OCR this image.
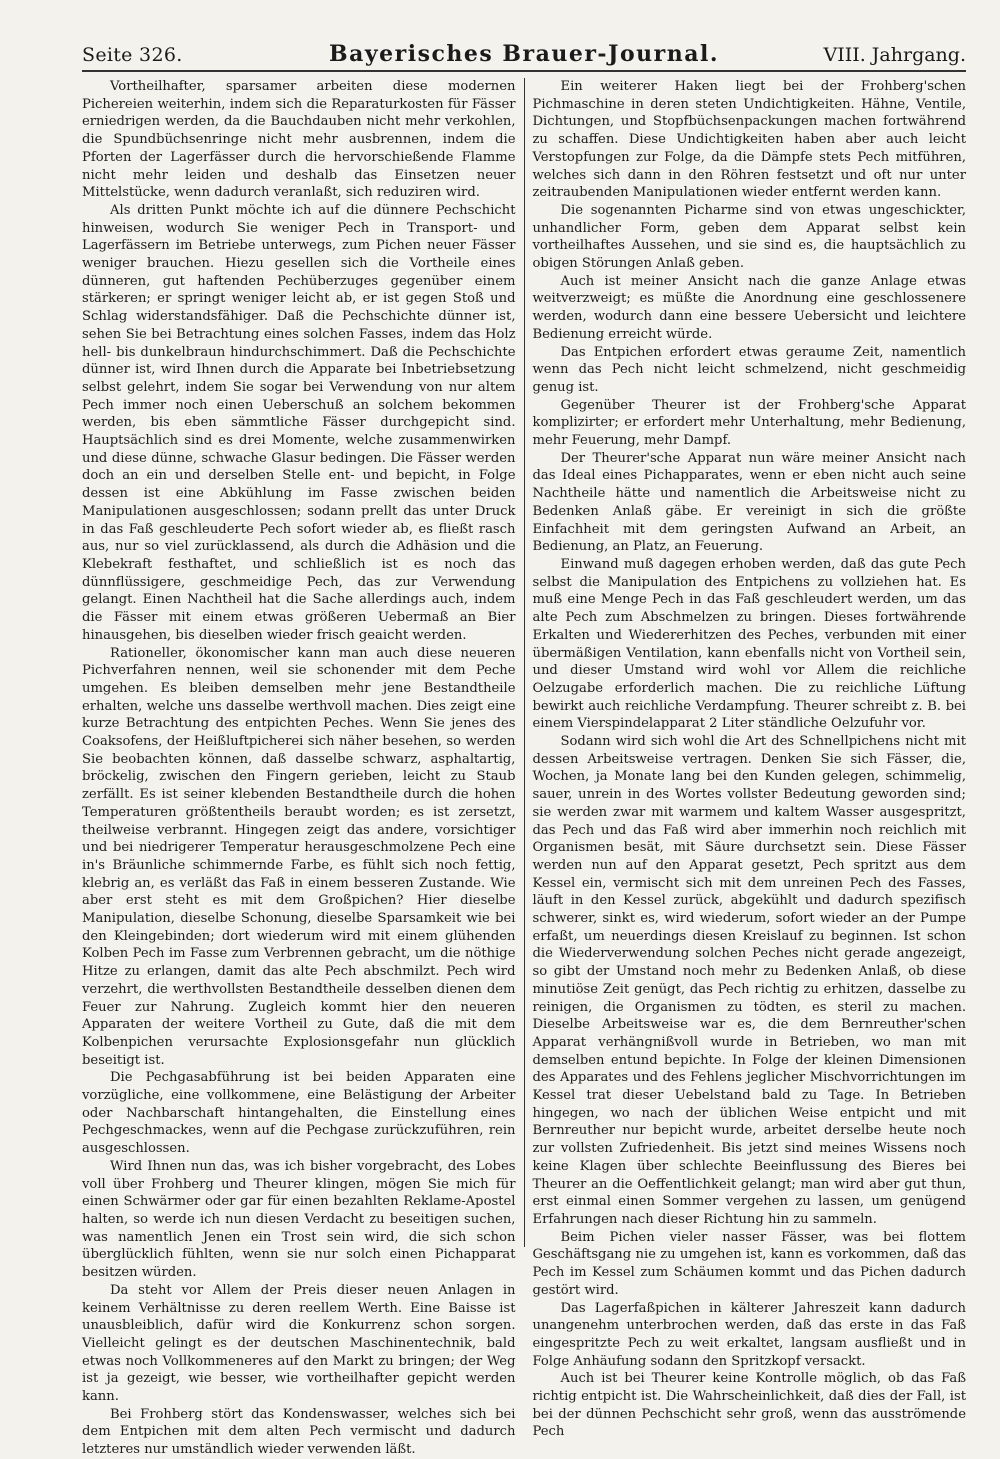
Seite 326.	Bayerisches Brauer-Journal.	VIII. Jahrgang.

Vortheilhafter, sparsamer arbeiten diese modernen Pichereien weiterhin, indem sich die Reparaturkosten für Fässer erniedrigen werden, da die Bauchdauben nicht mehr verkohlen, die Spundbüchsenringe nicht mehr ausbrennen, indem die Pforten der Lagerfässer durch die hervorschießende Flamme nicht mehr leiden und deshalb das Einsetzen neuer Mittelstücke, wenn dadurch veranlaßt, sich reduziren wird.

Als dritten Punkt möchte ich auf die dünnere Pechschicht hinweisen, wodurch Sie weniger Pech in Transport- und Lagerfässern im Betriebe unterwegs, zum Pichen neuer Fässer weniger brauchen. Hiezu gesellen sich die Vortheile eines dünneren, gut haftenden Pechüberzuges gegenüber einem stärkeren; er springt weniger leicht ab, er ist gegen Stoß und Schlag widerstandsfähiger. Daß die Pechschichte dünner ist, sehen Sie bei Betrachtung eines solchen Fasses, indem das Holz hell- bis dunkelbraun hindurchschimmert. Daß die Pechschichte dünner ist, wird Ihnen durch die Apparate bei Inbetriebsetzung selbst gelehrt, indem Sie sogar bei Verwendung von nur altem Pech immer noch einen Ueberschuß an solchem bekommen werden, bis eben sämmtliche Fässer durchgepicht sind. Hauptsächlich sind es drei Momente, welche zusammenwirken und diese dünne, schwache Glasur bedingen. Die Fässer werden doch an ein und derselben Stelle ent- und bepicht, in Folge dessen ist eine Abkühlung im Fasse zwischen beiden Manipulationen ausgeschlossen; sodann prellt das unter Druck in das Faß geschleuderte Pech sofort wieder ab, es fließt rasch aus, nur so viel zurücklassend, als durch die Adhäsion und die Klebekraft festhaftet, und schließlich ist es noch das dünnflüssigere, geschmeidige Pech, das zur Verwendung gelangt. Einen Nachtheil hat die Sache allerdings auch, indem die Fässer mit einem etwas größeren Uebermaß an Bier hinausgehen, bis dieselben wieder frisch geaicht werden.

Rationeller, ökonomischer kann man auch diese neueren Pichverfahren nennen, weil sie schonender mit dem Peche umgehen. Es bleiben demselben mehr jene Bestandtheile erhalten, welche uns dasselbe werthvoll machen. Dies zeigt eine kurze Betrachtung des entpichten Peches. Wenn Sie jenes des Coaksofens, der Heißluftpicherei sich näher besehen, so werden Sie beobachten können, daß dasselbe schwarz, asphaltartig, bröckelig, zwischen den Fingern gerieben, leicht zu Staub zerfällt. Es ist seiner klebenden Bestandtheile durch die hohen Temperaturen größtentheils beraubt worden; es ist zersetzt, theilweise verbrannt. Hingegen zeigt das andere, vorsichtiger und bei niedrigerer Temperatur herausgeschmolzene Pech eine in's Bräunliche schimmernde Farbe, es fühlt sich noch fettig, klebrig an, es verläßt das Faß in einem besseren Zustande. Wie aber erst steht es mit dem Großpichen? Hier dieselbe Manipulation, dieselbe Schonung, dieselbe Sparsamkeit wie bei den Kleingebinden; dort wiederum wird mit einem glühenden Kolben Pech im Fasse zum Verbrennen gebracht, um die nöthige Hitze zu erlangen, damit das alte Pech abschmilzt. Pech wird verzehrt, die werthvollsten Bestandtheile desselben dienen dem Feuer zur Nahrung. Zugleich kommt hier den neueren Apparaten der weitere Vortheil zu Gute, daß die mit dem Kolbenpichen verursachte Explosionsgefahr nun glücklich beseitigt ist.

Die Pechgasabführung ist bei beiden Apparaten eine vorzügliche, eine vollkommene, eine Belästigung der Arbeiter oder Nachbarschaft hintangehalten, die Einstellung eines Pechgeschmackes, wenn auf die Pechgase zurückzuführen, rein ausgeschlossen.

Wird Ihnen nun das, was ich bisher vorgebracht, des Lobes voll über Frohberg und Theurer klingen, mögen Sie mich für einen Schwärmer oder gar für einen bezahlten Reklame-Apostel halten, so werde ich nun diesen Verdacht zu beseitigen suchen, was namentlich Jenen ein Trost sein wird, die sich schon überglücklich fühlten, wenn sie nur solch einen Pichapparat besitzen würden.

Da steht vor Allem der Preis dieser neuen Anlagen in keinem Verhältnisse zu deren reellem Werth. Eine Baisse ist unausbleiblich, dafür wird die Konkurrenz schon sorgen. Vielleicht gelingt es der deutschen Maschinentechnik, bald etwas noch Vollkommeneres auf den Markt zu bringen; der Weg ist ja gezeigt, wie besser, wie vortheilhafter gepicht werden kann.

Bei Frohberg stört das Kondenswasser, welches sich bei dem Entpichen mit dem alten Pech vermischt und dadurch letzteres nur umständlich wieder verwenden läßt.

Ein weiterer Haken liegt bei der Frohberg'schen Pichmaschine in deren steten Undichtigkeiten. Hähne, Ventile, Dichtungen, und Stopfbüchsenpackungen machen fortwährend zu schaffen. Diese Undichtigkeiten haben aber auch leicht Verstopfungen zur Folge, da die Dämpfe stets Pech mitführen, welches sich dann in den Röhren festsetzt und oft nur unter zeitraubenden Manipulationen wieder entfernt werden kann.

Die sogenannten Picharme sind von etwas ungeschickter, unhandlicher Form, geben dem Apparat selbst kein vortheilhaftes Aussehen, und sie sind es, die hauptsächlich zu obigen Störungen Anlaß geben.

Auch ist meiner Ansicht nach die ganze Anlage etwas weitverzweigt; es müßte die Anordnung eine geschlossenere werden, wodurch dann eine bessere Uebersicht und leichtere Bedienung erreicht würde.

Das Entpichen erfordert etwas geraume Zeit, namentlich wenn das Pech nicht leicht schmelzend, nicht geschmeidig genug ist.

Gegenüber Theurer ist der Frohberg'sche Apparat komplizirter; er erfordert mehr Unterhaltung, mehr Bedienung, mehr Feuerung, mehr Dampf.

Der Theurer'sche Apparat nun wäre meiner Ansicht nach das Ideal eines Pichapparates, wenn er eben nicht auch seine Nachtheile hätte und namentlich die Arbeitsweise nicht zu Bedenken Anlaß gäbe. Er vereinigt in sich die größte Einfachheit mit dem geringsten Aufwand an Arbeit, an Bedienung, an Platz, an Feuerung.

Einwand muß dagegen erhoben werden, daß das gute Pech selbst die Manipulation des Entpichens zu vollziehen hat. Es muß eine Menge Pech in das Faß geschleudert werden, um das alte Pech zum Abschmelzen zu bringen. Dieses fortwährende Erkalten und Wiedererhitzen des Peches, verbunden mit einer übermäßigen Ventilation, kann ebenfalls nicht von Vortheil sein, und dieser Umstand wird wohl vor Allem die reichliche Oelzugabe erforderlich machen. Die zu reichliche Lüftung bewirkt auch reichliche Verdampfung. Theurer schreibt z. B. bei einem Vierspindelapparat 2 Liter ständliche Oelzufuhr vor.

Sodann wird sich wohl die Art des Schnellpichens nicht mit dessen Arbeitsweise vertragen. Denken Sie sich Fässer, die, Wochen, ja Monate lang bei den Kunden gelegen, schimmelig, sauer, unrein in des Wortes vollster Bedeutung geworden sind; sie werden zwar mit warmem und kaltem Wasser ausgespritzt, das Pech und das Faß wird aber immerhin noch reichlich mit Organismen besät, mit Säure durchsetzt sein. Diese Fässer werden nun auf den Apparat gesetzt, Pech spritzt aus dem Kessel ein, vermischt sich mit dem unreinen Pech des Fasses, läuft in den Kessel zurück, abgekühlt und dadurch spezifisch schwerer, sinkt es, wird wiederum, sofort wieder an der Pumpe erfaßt, um neuerdings diesen Kreislauf zu beginnen. Ist schon die Wiederverwendung solchen Peches nicht gerade angezeigt, so gibt der Umstand noch mehr zu Bedenken Anlaß, ob diese minutiöse Zeit genügt, das Pech richtig zu erhitzen, dasselbe zu reinigen, die Organismen zu tödten, es steril zu machen. Dieselbe Arbeitsweise war es, die dem Bernreuther'schen Apparat verhängnißvoll wurde in Betrieben, wo man mit demselben entund bepichte. In Folge der kleinen Dimensionen des Apparates und des Fehlens jeglicher Mischvorrichtungen im Kessel trat dieser Uebelstand bald zu Tage. In Betrieben hingegen, wo nach der üblichen Weise entpicht und mit Bernreuther nur bepicht wurde, arbeitet derselbe heute noch zur vollsten Zufriedenheit. Bis jetzt sind meines Wissens noch keine Klagen über schlechte Beeinflussung des Bieres bei Theurer an die Oeffentlichkeit gelangt; man wird aber gut thun, erst einmal einen Sommer vergehen zu lassen, um genügend Erfahrungen nach dieser Richtung hin zu sammeln.

Beim Pichen vieler nasser Fässer, was bei flottem Geschäftsgang nie zu umgehen ist, kann es vorkommen, daß das Pech im Kessel zum Schäumen kommt und das Pichen dadurch gestört wird.

Das Lagerfaßpichen in kälterer Jahreszeit kann dadurch unangenehm unterbrochen werden, daß das erste in das Faß eingespritzte Pech zu weit erkaltet, langsam ausfließt und in Folge Anhäufung sodann den Spritzkopf versackt.

Auch ist bei Theurer keine Kontrolle möglich, ob das Faß richtig entpicht ist. Die Wahrscheinlichkeit, daß dies der Fall, ist bei der dünnen Pechschicht sehr groß, wenn das ausströmende Pech
